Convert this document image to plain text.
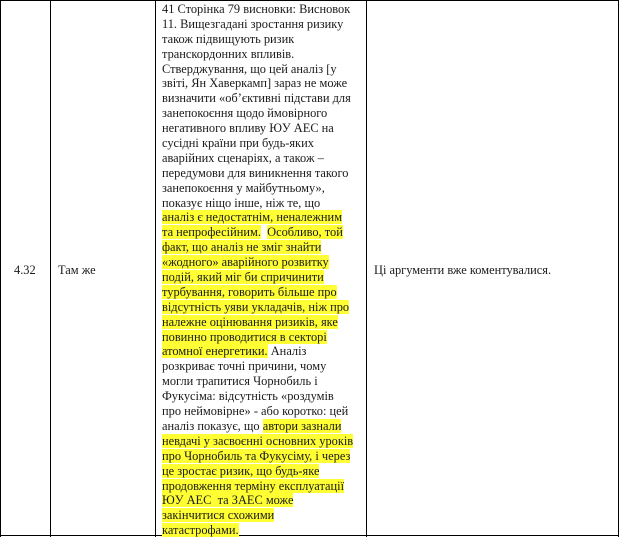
4.32 Там же
41 Сторінка 79 висновки: Висновок
11. Вищезгадані зростання ризику
також підвищують ризик
транскордонних впливів.
Стверджування, що цей аналіз [у
звіті, Ян Хаверкамп] зараз не може
визначити «об’єктивні підстави для
занепокоєння щодо ймовірного
негативного впливу ЮУ АЕС на
сусідні країни при будь-яких
аварійних сценаріях, а також –
передумови для виникнення такого
занепокоєння у майбутньому»,
показує ніщо інше, ніж те, що
аналіз є недостатнім, неналежним
та непрофесійним. Особливо, той
факт, що аналіз не зміг знайти
«жодного» аварійного розвитку
подій, який міг би спричинити
турбування, говорить більше про
відсутність уяви укладачів, ніж про
належне оцінювання ризиків, яке
повинно проводитися в секторі
атомної енергетики. Аналіз
розкриває точні причини, чому
могли трапитися Чорнобиль і
Фукусіма: відсутність «роздумів
про неймовірне» - або коротко: цей
аналіз показує, що автори зазнали
невдачі у засвоєнні основних уроків
про Чорнобиль та Фукусіму, і через
це зростає ризик, що будь-яке
продовження терміну експлуатації
ЮУ АЕС  та ЗАЕС може
закінчитися схожими
катастрофами.
Ці аргументи вже коментувалися.
